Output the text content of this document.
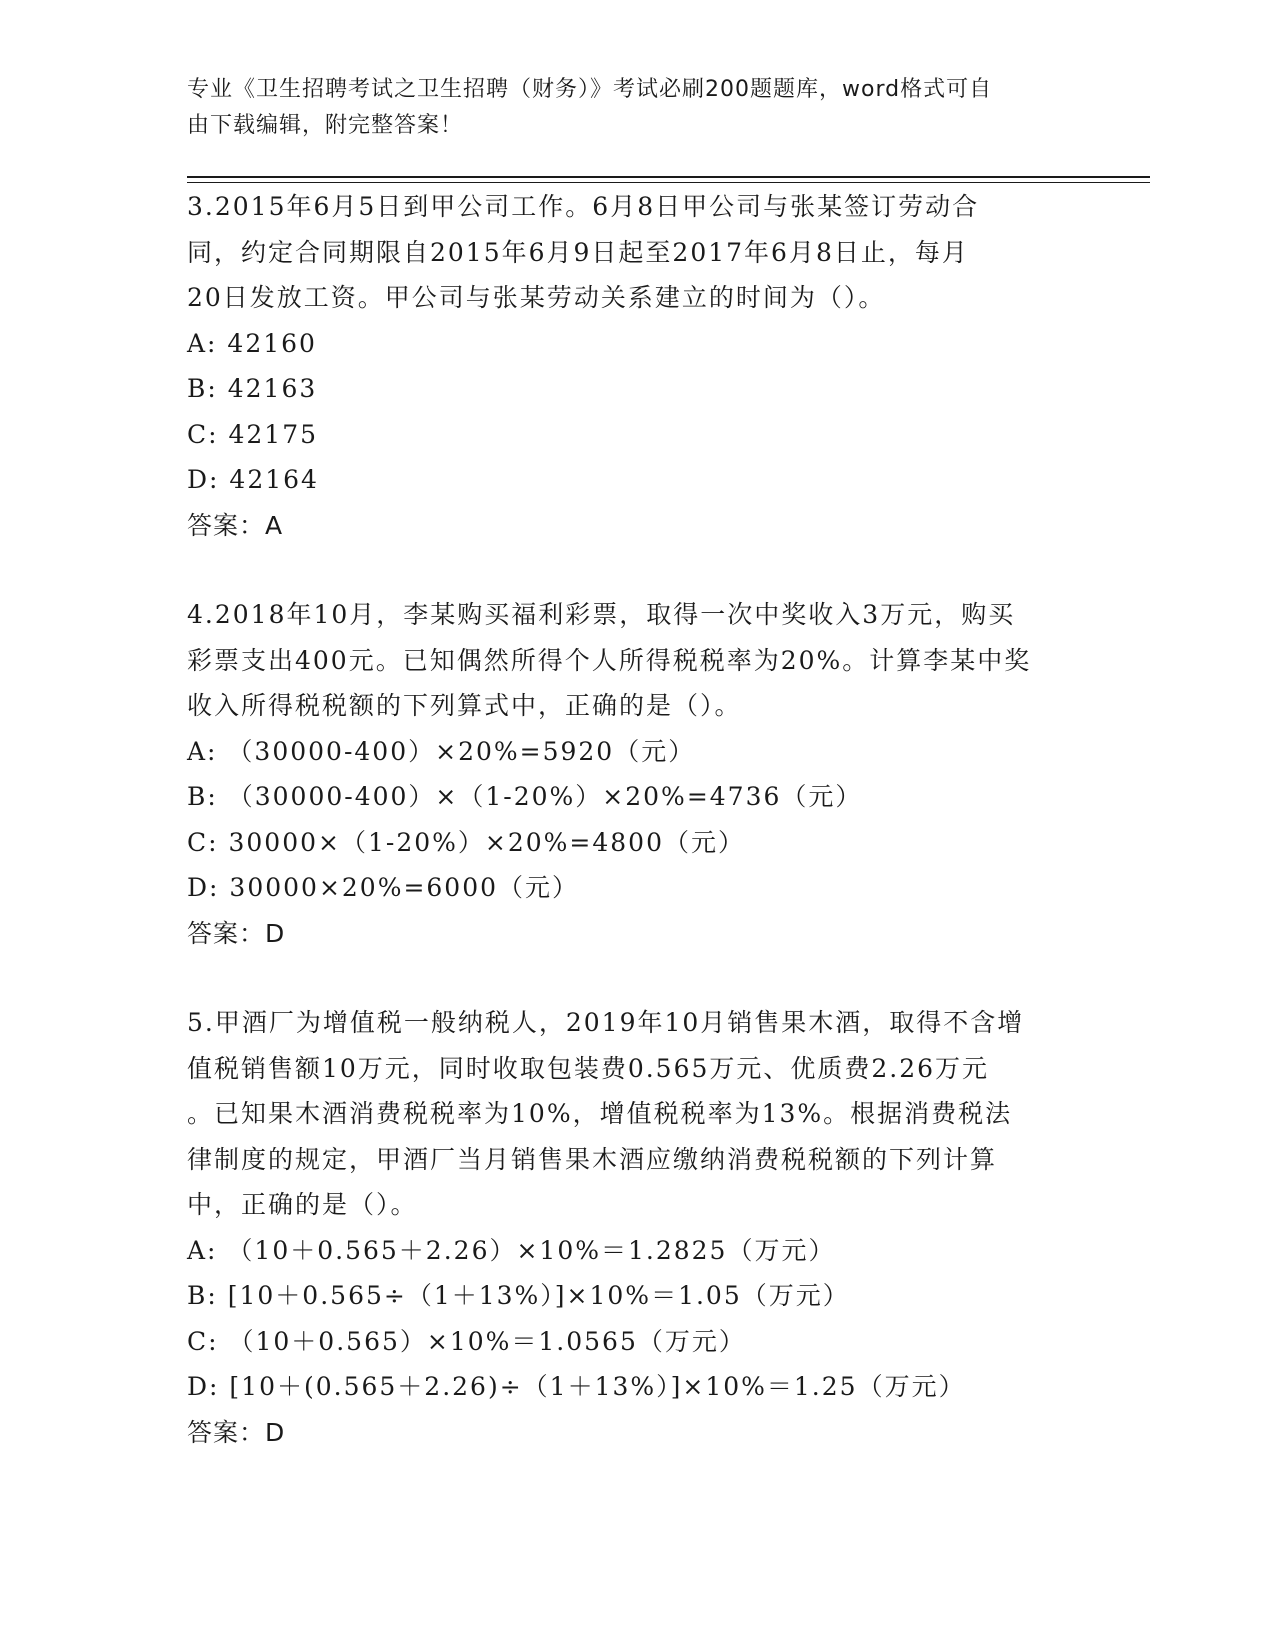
专业《卫生招聘考试之卫生招聘（财务）》考试必刷200题题库，word格式可自
由下载编辑，附完整答案！

3.2015年6月5日到甲公司工作。6月8日甲公司与张某签订劳动合

同，约定合同期限自2015年6月9日起至2017年6月8日止，每月

20日发放工资。甲公司与张某劳动关系建立的时间为（）。

A: 42160

B: 42163

C: 42175

D: 42164

答案：A

4.2018年10月，李某购买福利彩票，取得一次中奖收入3万元，购买

彩票支出400元。已知偶然所得个人所得税税率为20%。计算李某中奖

收入所得税税额的下列算式中，正确的是（）。

A: （30000-400）×20%=5920（元）

B: （30000-400）×（1-20%）×20%=4736（元）

C: 30000×（1-20%）×20%=4800（元）

D: 30000×20%=6000（元）

答案：D

5.甲酒厂为增值税一般纳税人，2019年10月销售果木酒，取得不含增

值税销售额10万元，同时收取包装费0.565万元、优质费2.26万元

。已知果木酒消费税税率为10%，增值税税率为13%。根据消费税法

律制度的规定，甲酒厂当月销售果木酒应缴纳消费税税额的下列计算

中，正确的是（）。

A: （10＋0.565＋2.26）×10%＝1.2825（万元）

B: [10＋0.565÷（1＋13%）]×10%＝1.05（万元）

C: （10＋0.565）×10%＝1.0565（万元）

D: [10＋(0.565＋2.26)÷（1＋13%）]×10%＝1.25（万元）

答案：D
